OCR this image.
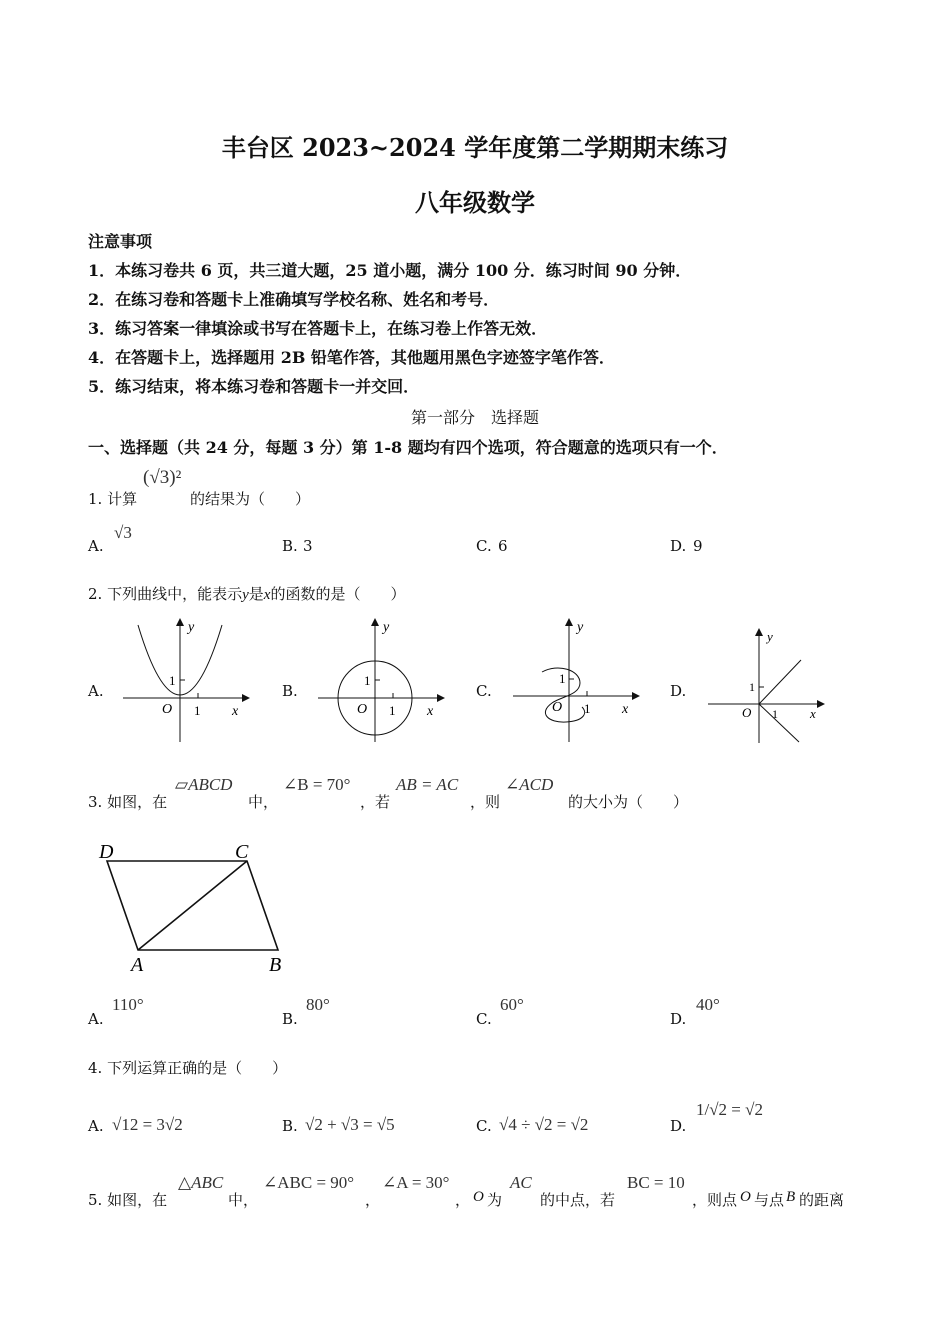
丰台区 2023~2024 学年度第二学期期末练习
八年级数学
注意事项
1．本练习卷共 6 页，共三道大题，25 道小题，满分 100 分．练习时间 90 分钟．
2．在练习卷和答题卡上准确填写学校名称、姓名和考号．
3．练习答案一律填涂或书写在答题卡上，在练习卷上作答无效．
4．在答题卡上，选择题用 2B 铅笔作答，其他题用黑色字迹签字笔作答．
5．练习结束，将本练习卷和答题卡一并交回．
第一部分　选择题
一、选择题（共 24 分，每题 3 分）第 1-8 题均有四个选项，符合题意的选项只有一个．
1. 计算
(√3)²
的结果为（　　）
A.
√3
B. 3	C. 6	D. 9
2. 下列曲线中，能表示y是x的函数的是（　　）
A.	B.	C.	D.
y
x
O 1
1
y
x
O 1
1
y
x
O 1
1
y
x
O 1
1
3. 如图，在
▱ABCD
中，
∠B = 70°
，若
AB = AC
，则
∠ACD
的大小为（　　）
D	C
A	B
A.
110°
B.
80°
C.
60°
D.
40°
4. 下列运算正确的是（　　）
A. √12 = 3√2	B. √2 + √3 = √5	C. √4 ÷ √2 = √2	D.
1/√2 = √2
5. 如图，在
△ABC
中，
∠ABC = 90°
，
∠A = 30°
， O 为
AC
的中点，若
BC = 10
，则点 O 与点 B 的距离
